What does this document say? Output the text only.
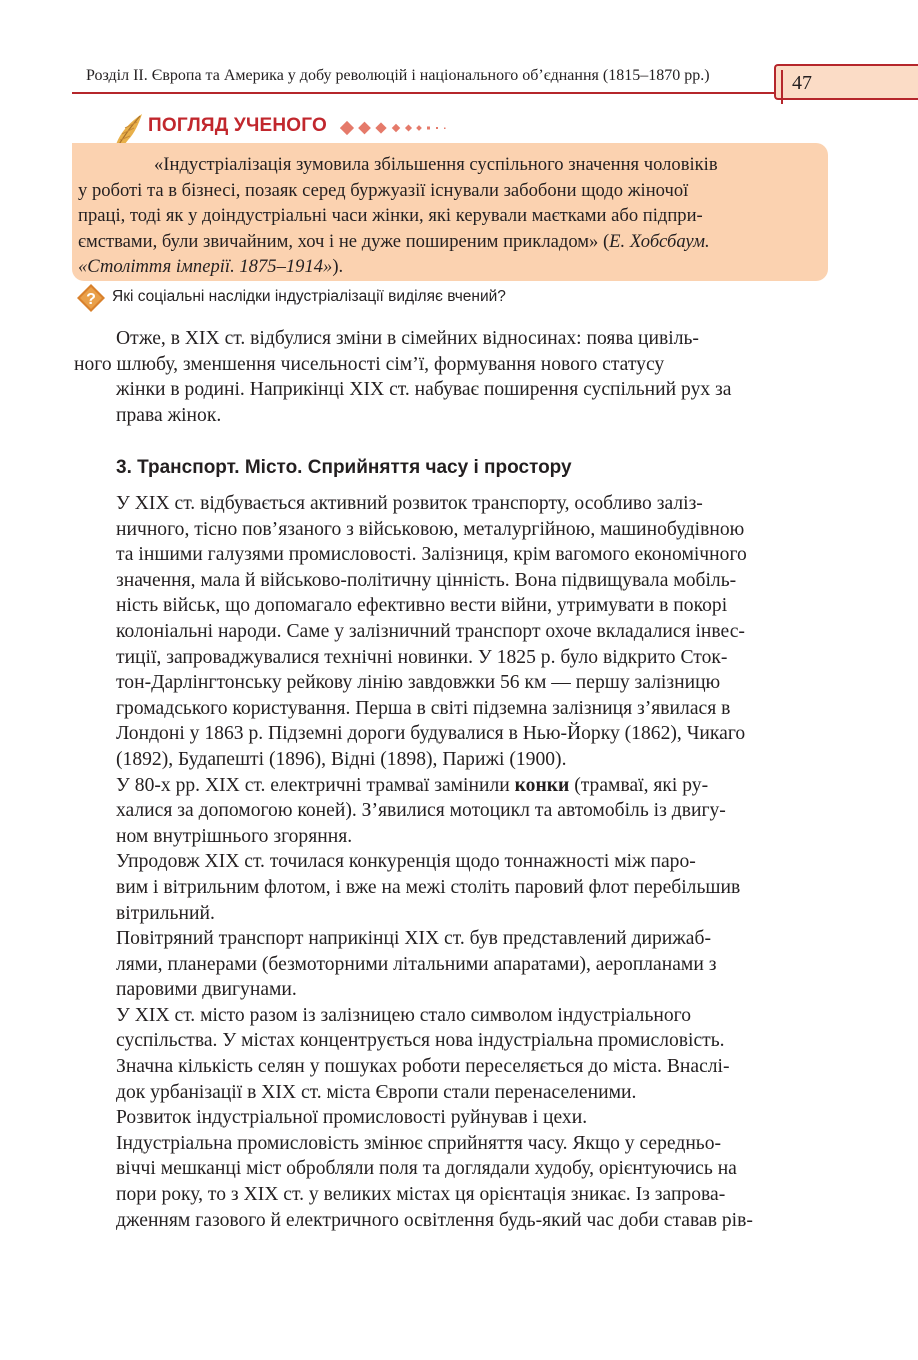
Розділ ІІ. Європа та Америка у добу революцій і національного об’єднання (1815–1870 рр.)	47
ПОГЛЯД УЧЕНОГО

«Індустріалізація зумовила збільшення суспільного значення чоловіків
у роботі та в бізнесі, позаяк серед буржуазії існували забобони щодо жіночої
праці, тоді як у доіндустріальні часи жінки, які керували маєтками або підпри-
ємствами, були звичайним, хоч і не дуже поширеним прикладом» (Е. Хобсбаум.
«Століття імперії. 1875–1914»).

? Які соціальні наслідки індустріалізації виділяє вчений?

Отже, в ХІХ ст. відбулися зміни в сімейних відносинах: поява цивіль-
ного шлюбу, зменшення чисельності сім’ї, формування нового статусу
жінки в родині. Наприкінці ХІХ ст. набуває поширення суспільний рух за
права жінок.

3. Транспорт. Місто. Сприйняття часу і простору

У ХІХ ст. відбувається активний розвиток транспорту, особливо заліз-
ничного, тісно пов’язаного з військовою, металургійною, машинобудівною
та іншими галузями промисловості. Залізниця, крім вагомого економічного
значення, мала й військово-політичну цінність. Вона підвищувала мобіль-
ність військ, що допомагало ефективно вести війни, утримувати в покорі
колоніальні народи. Саме у залізничний транспорт охоче вкладалися інвес-
тиції, запроваджувалися технічні новинки. У 1825 р. було відкрито Сток-
тон-Дарлінгтонську рейкову лінію завдовжки 56 км — першу залізницю
громадського користування. Перша в світі підземна залізниця з’явилася в
Лондоні у 1863 р. Підземні дороги будувалися в Нью-Йорку (1862), Чикаго
(1892), Будапешті (1896), Відні (1898), Парижі (1900).

У 80-х рр. ХІХ ст. електричні трамваї замінили конки (трамваї, які ру-
халися за допомогою коней). З’явилися мотоцикл та автомобіль із двигу-
ном внутрішнього згоряння.

Упродовж ХІХ ст. точилася конкуренція щодо тоннажності між паро-
вим і вітрильним флотом, і вже на межі століть паровий флот перебільшив
вітрильний.

Повітряний транспорт наприкінці ХІХ ст. був представлений дирижаб-
лями, планерами (безмоторними літальними апаратами), аеропланами з
паровими двигунами.

У ХІХ ст. місто разом із залізницею стало символом індустріального
суспільства. У містах концентрується нова індустріальна промисловість.
Значна кількість селян у пошуках роботи переселяється до міста. Внаслі-
док урбанізації в ХІХ ст. міста Європи стали перенаселеними.

Розвиток індустріальної промисловості руйнував і цехи.

Індустріальна промисловість змінює сприйняття часу. Якщо у середньо-
віччі мешканці міст обробляли поля та доглядали худобу, орієнтуючись на
пори року, то з ХІХ ст. у великих містах ця орієнтація зникає. Із запрова-
дженням газового й електричного освітлення будь-який час доби ставав рів-
